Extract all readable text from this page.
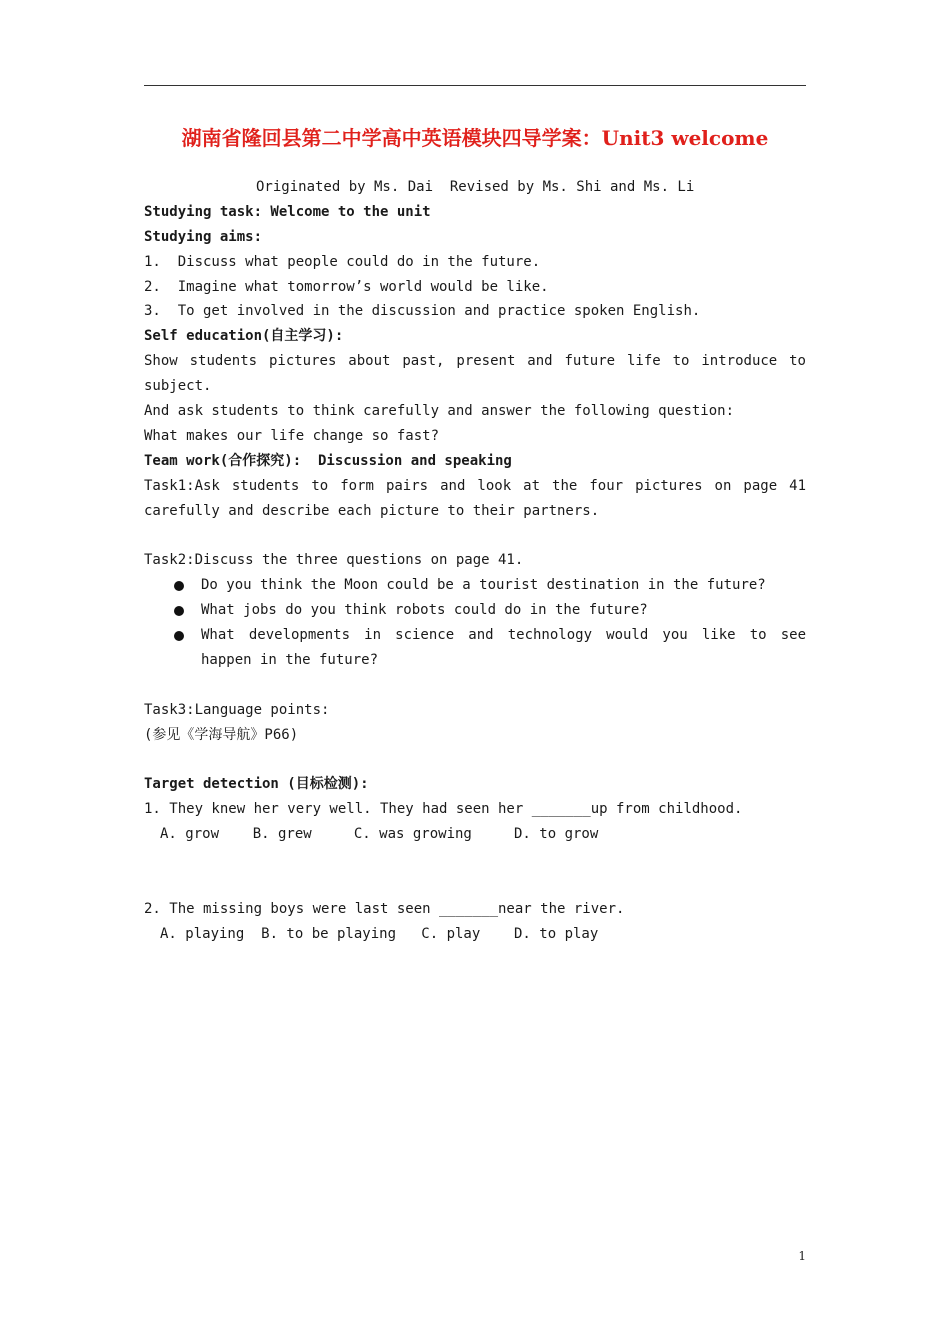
湖南省隆回县第二中学高中英语模块四导学案：Unit3 welcome
Originated by Ms. Dai  Revised by Ms. Shi and Ms. Li
Studying task: Welcome to the unit
Studying aims:
1.  Discuss what people could do in the future.
2.  Imagine what tomorrow’s world would be like.
3.  To get involved in the discussion and practice spoken English.
Self education(自主学习):
Show students pictures about past, present and future life to introduce to
subject.
And ask students to think carefully and answer the following question:
What makes our life change so fast?
Team work(合作探究):  Discussion and speaking
Task1:Ask students to form pairs and look at the four pictures on page 41
carefully and describe each picture to their partners.
Task2:Discuss the three questions on page 41.
Do you think the Moon could be a tourist destination in the future?
What jobs do you think robots could do in the future?
What developments in science and technology would you like to see
happen in the future?
Task3:Language points:
(参见《学海导航》P66)
Target detection (目标检测):
1. They knew her very well. They had seen her _______up from childhood.
A. grow    B. grew     C. was growing     D. to grow
2. The missing boys were last seen _______near the river.
A. playing  B. to be playing   C. play    D. to play
1
